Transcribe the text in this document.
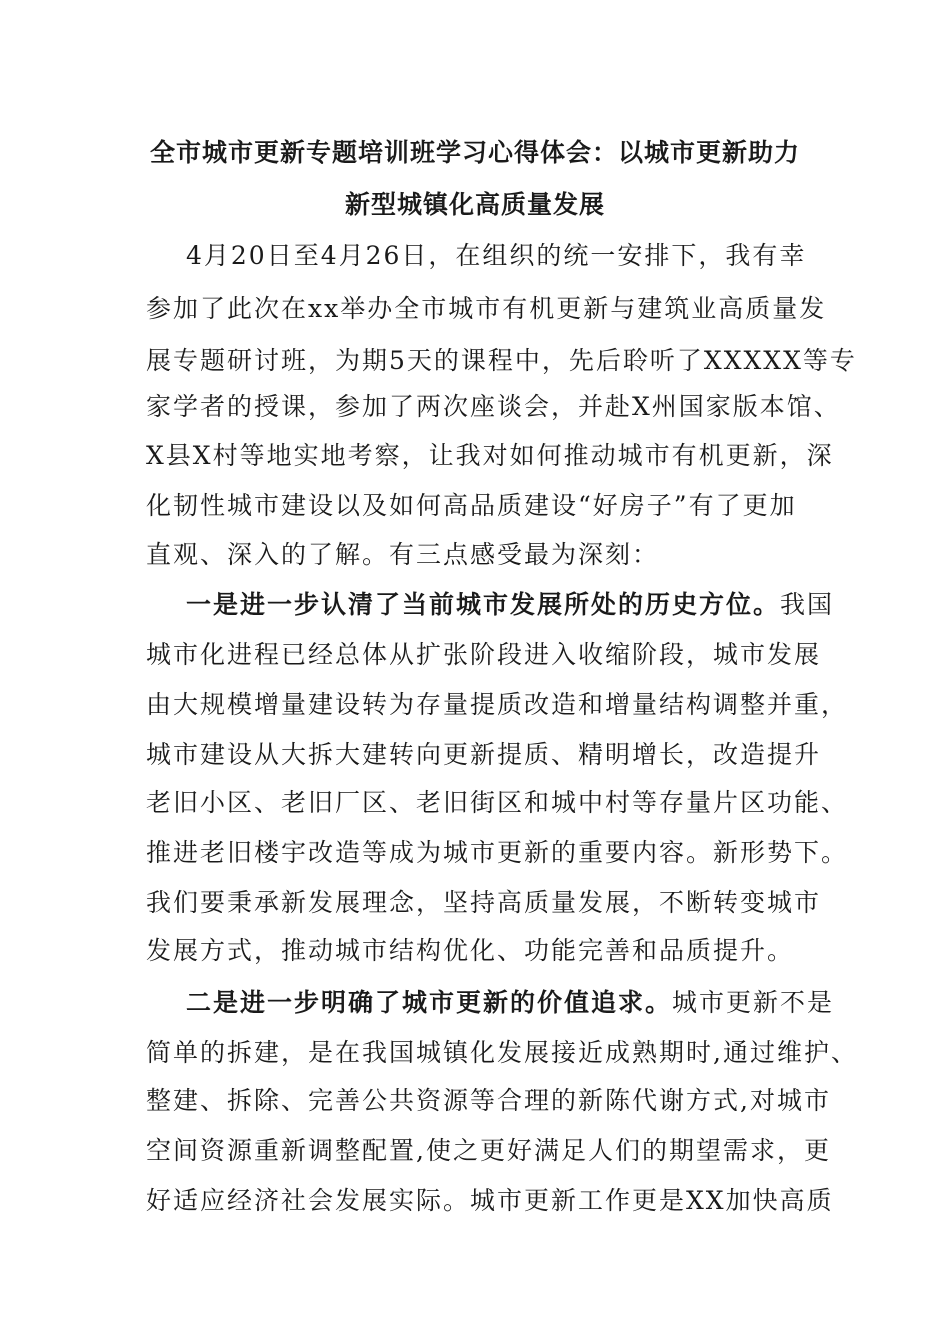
全市城市更新专题培训班学习心得体会：以城市更新助力
新型城镇化高质量发展
4月20日至4月26日，在组织的统一安排下，我有幸
参加了此次在xx举办全市城市有机更新与建筑业高质量发
展专题研讨班，为期5天的课程中，先后聆听了XXXXX等专
家学者的授课，参加了两次座谈会，并赴X州国家版本馆、
X县X村等地实地考察，让我对如何推动城市有机更新，深
化韧性城市建设以及如何高品质建设“好房子”有了更加
直观、深入的了解。有三点感受最为深刻：
一是进一步认清了当前城市发展所处的历史方位。我国
城市化进程已经总体从扩张阶段进入收缩阶段，城市发展
由大规模增量建设转为存量提质改造和增量结构调整并重，
城市建设从大拆大建转向更新提质、精明增长，改造提升
老旧小区、老旧厂区、老旧街区和城中村等存量片区功能、
推进老旧楼宇改造等成为城市更新的重要内容。新形势下。
我们要秉承新发展理念，坚持高质量发展，不断转变城市
发展方式，推动城市结构优化、功能完善和品质提升。
二是进一步明确了城市更新的价值追求。城市更新不是
简单的拆建，是在我国城镇化发展接近成熟期时,通过维护、
整建、拆除、完善公共资源等合理的新陈代谢方式,对城市
空间资源重新调整配置,使之更好满足人们的期望需求，更
好适应经济社会发展实际。城市更新工作更是XX加快高质
